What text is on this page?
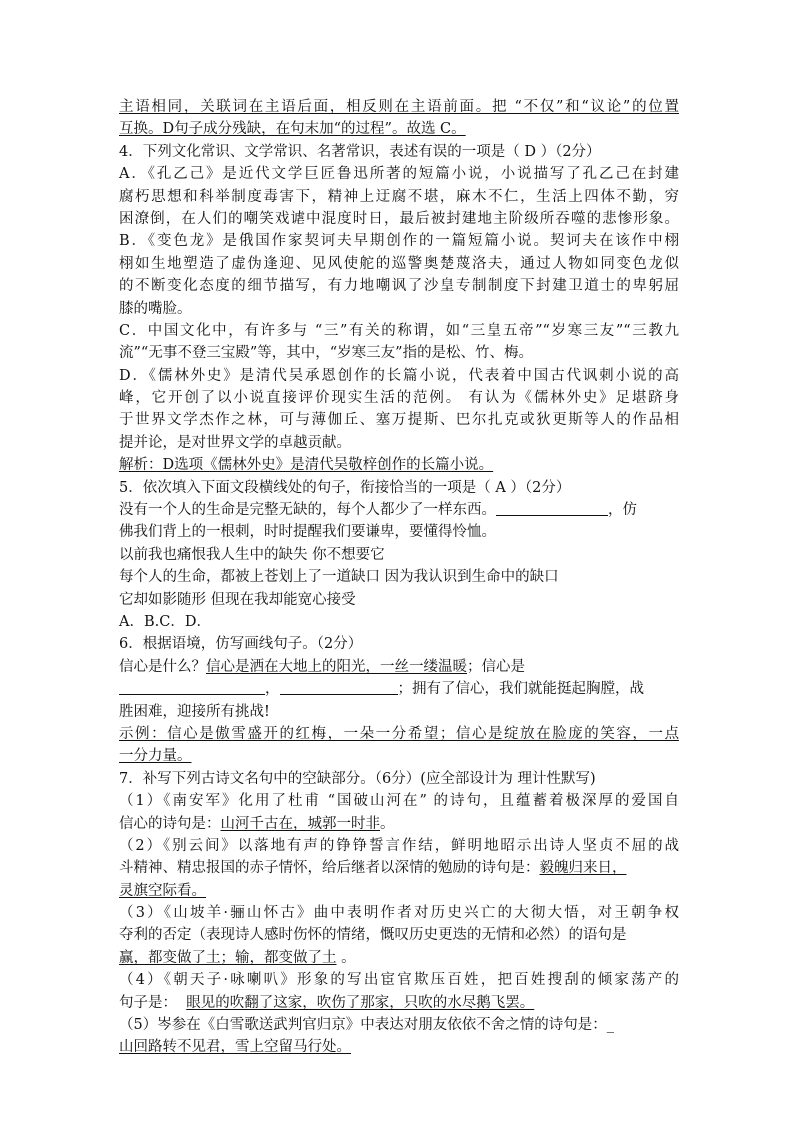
主语相同，关联词在主语后面，相反则在主语前面。把 “不仅”和“议论”的位置
互换。D句子成分残缺，在句末加“的过程”。故选 C。
4．下列文化常识、文学常识、名著常识，表述有误的一项是（ D ）（2分）
A．《孔乙己》是近代文学巨匠鲁迅所著的短篇小说，小说描写了孔乙己在封建
腐朽思想和科举制度毒害下，精神上迂腐不堪，麻木不仁，生活上四体不勤，穷
困潦倒，在人们的嘲笑戏谑中混度时日，最后被封建地主阶级所吞噬的悲惨形象。
B．《变色龙》是俄国作家契诃夫早期创作的一篇短篇小说。契诃夫在该作中栩
栩如生地塑造了虚伪逢迎、见风使舵的巡警奥楚蔑洛夫，通过人物如同变色龙似
的不断变化态度的细节描写，有力地嘲讽了沙皇专制制度下封建卫道士的卑躬屈
膝的嘴脸。
C．中国文化中，有许多与 “三”有关的称谓，如“三皇五帝”“岁寒三友”“三教九
流”“无事不登三宝殿”等，其中，“岁寒三友”指的是松、竹、梅。
D．《儒林外史》是清代吴承恩创作的长篇小说，代表着中国古代讽刺小说的高
峰，它开创了以小说直接评价现实生活的范例。 有认为《儒林外史》足堪跻身
于世界文学杰作之林，可与薄伽丘、塞万提斯、巴尔扎克或狄更斯等人的作品相
提并论，是对世界文学的卓越贡献。
解析：D选项《儒林外史》是清代吴敬梓创作的长篇小说。
5．依次填入下面文段横线处的句子，衔接恰当的一项是（ A ）（2分）
没有一个人的生命是完整无缺的，每个人都少了一样东西。	，仿
佛我们背上的一根刺，时时提醒我们要谦卑，要懂得怜恤。
以前我也痛恨我人生中的缺失 你不想要它
每个人的生命，都被上苍划上了一道缺口 因为我认识到生命中的缺口
它却如影随形 但现在我却能宽心接受
A．B.C．D．
6．根据语境，仿写画线句子。（2分）
信心是什么？信心是洒在大地上的阳光，一丝一缕温暖；信心是
，	；拥有了信心，我们就能挺起胸膛，战
胜困难，迎接所有挑战!
示例：信心是傲雪盛开的红梅，一朵一分希望；信心是绽放在脸庞的笑容，一点
一分力量。
7．补写下列古诗文名句中的空缺部分。（6分）(应全部设计为 理计性默写)
（1）《南安军》化用了杜甫 “国破山河在” 的诗句，且蕴蓄着极深厚的爱国自
信心的诗句是：山河千古在，城郭一时非。
（2）《别云间》以落地有声的铮铮誓言作结，鲜明地昭示出诗人坚贞不屈的战
斗精神、精忠报国的赤子情怀，给后继者以深情的勉励的诗句是：毅魄归来日，
灵旗空际看。
（3）《山坡羊·骊山怀古》曲中表明作者对历史兴亡的大彻大悟，对王朝争权
夺利的否定（表现诗人感时伤怀的情绪，慨叹历史更迭的无情和必然）的语句是
赢，都变做了土；输，都变做了土 。
（4）《朝天子·咏喇叭》形象的写出宦官欺压百姓，把百姓搜刮的倾家荡产的
句子是：  眼见的吹翻了这家，吹伤了那家，只吹的水尽鹅飞罢。
（5）岑参在《白雪歌送武判官归京》中表达对朋友依依不舍之情的诗句是：_
山回路转不见君，雪上空留马行处。
